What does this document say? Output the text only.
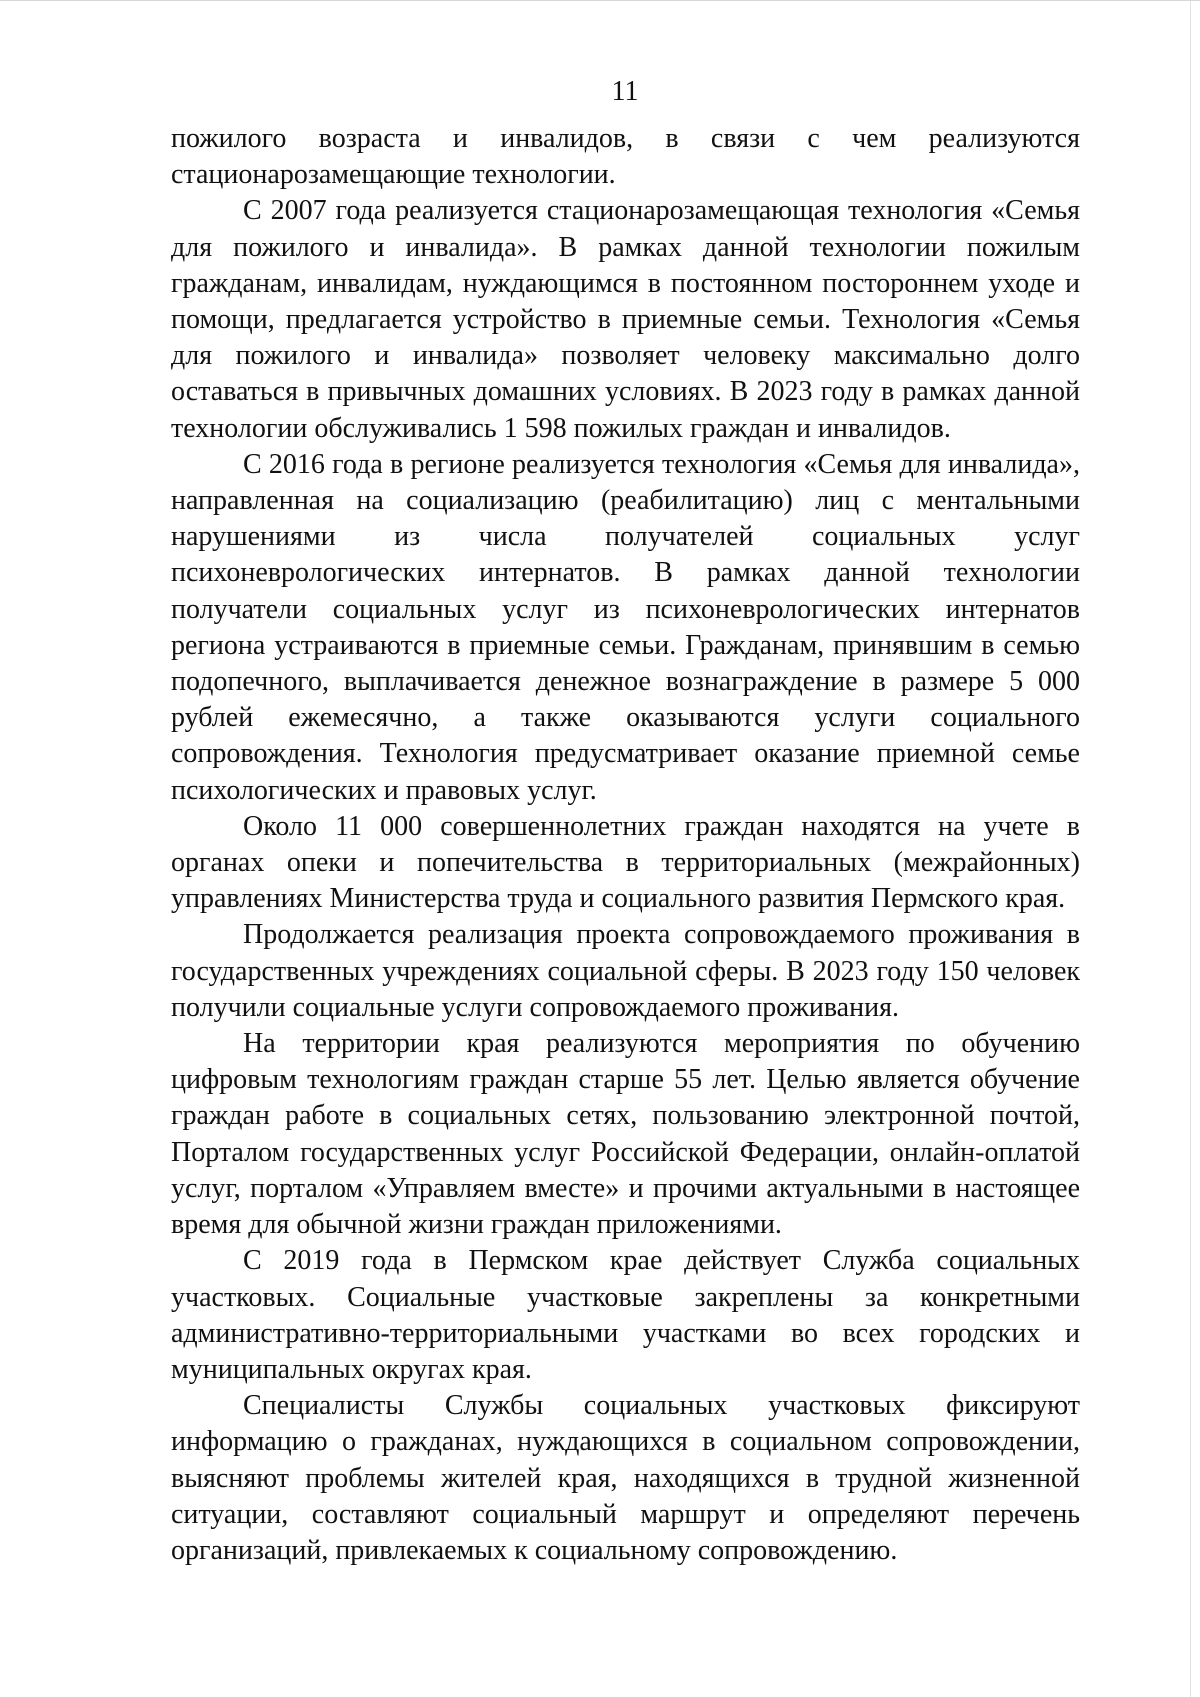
11

пожилого возраста и инвалидов, в связи с чем реализуются стационарозамещающие технологии.

С 2007 года реализуется стационарозамещающая технология «Семья для пожилого и инвалида». В рамках данной технологии пожилым гражданам, инвалидам, нуждающимся в постоянном постороннем уходе и помощи, предлагается устройство в приемные семьи. Технология «Семья для пожилого и инвалида» позволяет человеку максимально долго оставаться в привычных домашних условиях. В 2023 году в рамках данной технологии обслуживались 1 598 пожилых граждан и инвалидов.

С 2016 года в регионе реализуется технология «Семья для инвалида», направленная на социализацию (реабилитацию) лиц с ментальными нарушениями из числа получателей социальных услуг психоневрологических интернатов. В рамках данной технологии получатели социальных услуг из психоневрологических интернатов региона устраиваются в приемные семьи. Гражданам, принявшим в семью подопечного, выплачивается денежное вознаграждение в размере 5 000 рублей ежемесячно, а также оказываются услуги социального сопровождения. Технология предусматривает оказание приемной семье психологических и правовых услуг.

Около 11 000 совершеннолетних граждан находятся на учете в органах опеки и попечительства в территориальных (межрайонных) управлениях Министерства труда и социального развития Пермского края.

Продолжается реализация проекта сопровождаемого проживания в государственных учреждениях социальной сферы. В 2023 году 150 человек получили социальные услуги сопровождаемого проживания.

На территории края реализуются мероприятия по обучению цифровым технологиям граждан старше 55 лет. Целью является обучение граждан работе в социальных сетях, пользованию электронной почтой, Порталом государственных услуг Российской Федерации, онлайн-оплатой услуг, порталом «Управляем вместе» и прочими актуальными в настоящее время для обычной жизни граждан приложениями.

С 2019 года в Пермском крае действует Служба социальных участковых. Социальные участковые закреплены за конкретными административно-территориальными участками во всех городских и муниципальных округах края.

Специалисты Службы социальных участковых фиксируют информацию о гражданах, нуждающихся в социальном сопровождении, выясняют проблемы жителей края, находящихся в трудной жизненной ситуации, составляют социальный маршрут и определяют перечень организаций, привлекаемых к социальному сопровождению.
